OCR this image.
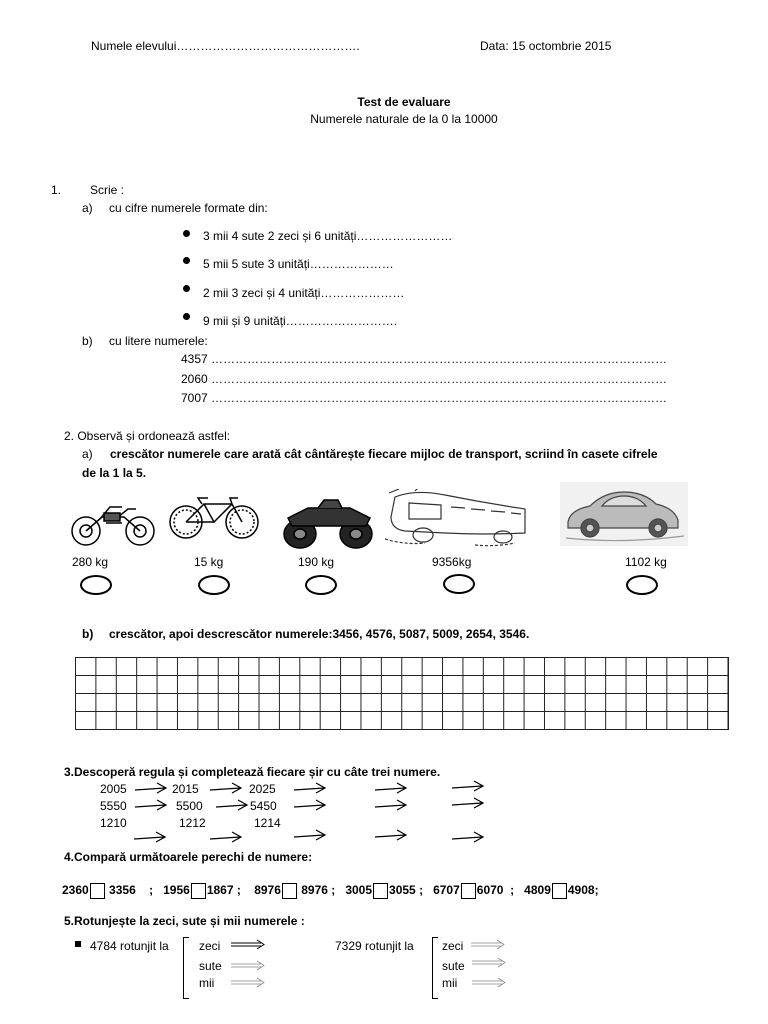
Numele elevului……………………………………….	Data: 15 octombrie 2015
Test de evaluare
Numerele naturale de la 0 la 10000
1. Scrie :
a) cu cifre numerele formate din:
3 mii 4 sute 2 zeci și 6 unități……………………
5 mii 5 sute 3 unități…………………
2 mii 3 zeci și 4 unități…………………
9 mii și 9 unități……………………….
b) cu litere numerele:
4357 ……………………………………………………………………………………………………
2060 ……………………………………………………………………………………………………
7007 ……………………………………………………………………………………………………
2. Observă și ordonează astfel:
a) crescător numerele care arată cât cântărește fiecare mijloc de transport, scriind în casete cifrele
de la 1 la 5.
280 kg	15 kg	190 kg	9356kg	1102 kg
b) crescător, apoi descrescător numerele:3456, 4576, 5087, 5009, 2654, 3546.
3.Descoperă regula și completează fiecare șir cu câte trei numere.
2005	2015	2025
5550	5500	5450
1210	1212	1214
4.Compară următoarele perechi de numere:
2360 3356 ; 1956 1867 ; 8976 8976 ; 3005 3055 ; 6707 6070 ; 4809 4908;
5.Rotunjește la zeci, sute și mii numerele :
4784 rotunjit la	zeci
sute
mii
7329 rotunjit la zeci
sute
mii
